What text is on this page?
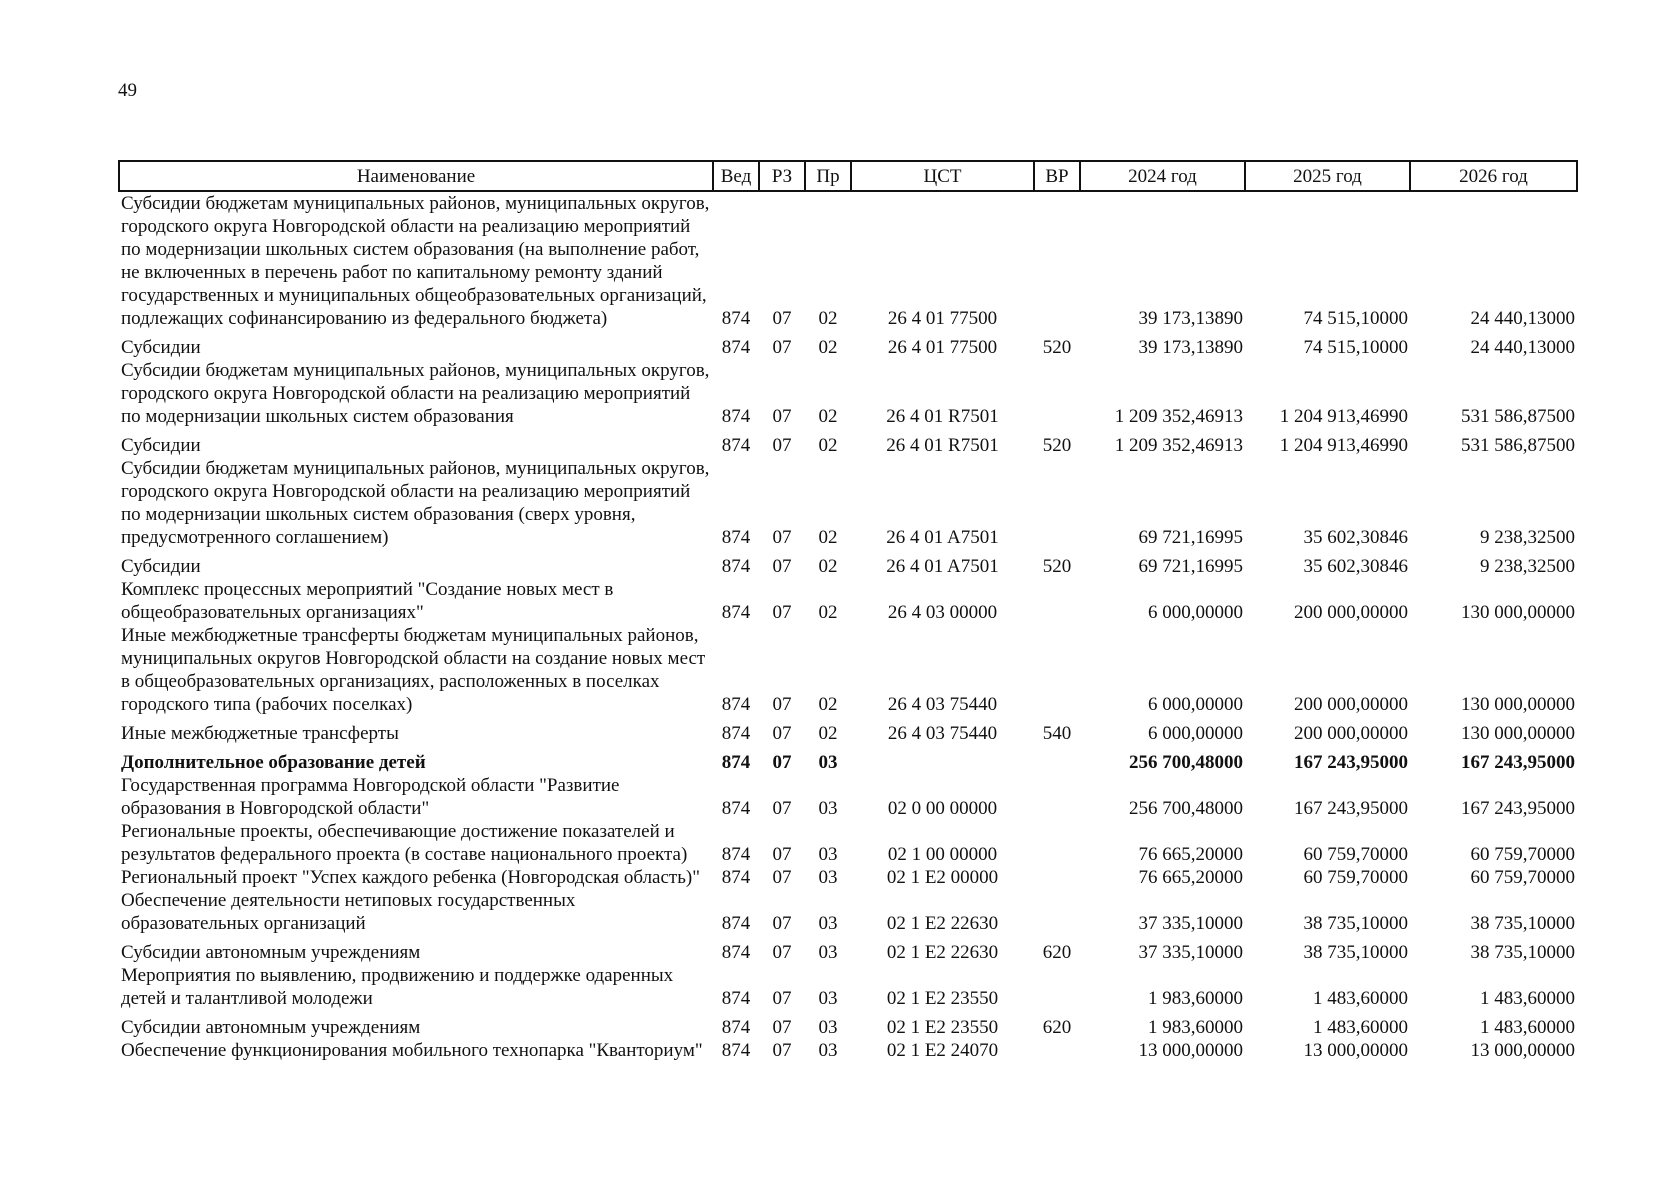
49
Наименование	Вед	РЗ	Пр	ЦСТ	ВР	2024 год	2025 год	2026 год
Субсидии бюджетам муниципальных районов, муниципальных округов, городского округа Новгородской области на реализацию мероприятий по модернизации школьных систем образования (на выполнение работ, не включенных в перечень работ по капитальному ремонту зданий государственных и муниципальных общеобразовательных организаций, подлежащих софинансированию из федерального бюджета)	874	07	02	26 4 01 77500		39 173,13890	74 515,10000	24 440,13000
Субсидии	874	07	02	26 4 01 77500	520	39 173,13890	74 515,10000	24 440,13000
Субсидии бюджетам муниципальных районов, муниципальных округов, городского округа Новгородской области на реализацию мероприятий по модернизации школьных систем образования	874	07	02	26 4 01 R7501		1 209 352,46913	1 204 913,46990	531 586,87500
Субсидии	874	07	02	26 4 01 R7501	520	1 209 352,46913	1 204 913,46990	531 586,87500
Субсидии бюджетам муниципальных районов, муниципальных округов, городского округа Новгородской области на реализацию мероприятий по модернизации школьных систем образования (сверх уровня, предусмотренного соглашением)	874	07	02	26 4 01 A7501		69 721,16995	35 602,30846	9 238,32500
Субсидии	874	07	02	26 4 01 A7501	520	69 721,16995	35 602,30846	9 238,32500
Комплекс процессных мероприятий "Создание новых мест в общеобразовательных организациях"	874	07	02	26 4 03 00000		6 000,00000	200 000,00000	130 000,00000
Иные межбюджетные трансферты бюджетам муниципальных районов, муниципальных округов Новгородской области на создание новых мест в общеобразовательных организациях, расположенных в поселках городского типа (рабочих поселках)	874	07	02	26 4 03 75440		6 000,00000	200 000,00000	130 000,00000
Иные межбюджетные трансферты	874	07	02	26 4 03 75440	540	6 000,00000	200 000,00000	130 000,00000
Дополнительное образование детей	874	07	03			256 700,48000	167 243,95000	167 243,95000
Государственная программа Новгородской области "Развитие образования в Новгородской области"	874	07	03	02 0 00 00000		256 700,48000	167 243,95000	167 243,95000
Региональные проекты, обеспечивающие достижение показателей и результатов федерального проекта (в составе национального проекта)	874	07	03	02 1 00 00000		76 665,20000	60 759,70000	60 759,70000
Региональный проект "Успех каждого ребенка (Новгородская область)"	874	07	03	02 1 E2 00000		76 665,20000	60 759,70000	60 759,70000
Обеспечение деятельности нетиповых государственных образовательных организаций	874	07	03	02 1 E2 22630		37 335,10000	38 735,10000	38 735,10000
Субсидии автономным учреждениям	874	07	03	02 1 E2 22630	620	37 335,10000	38 735,10000	38 735,10000
Мероприятия по выявлению, продвижению и поддержке одаренных детей и талантливой молодежи	874	07	03	02 1 E2 23550		1 983,60000	1 483,60000	1 483,60000
Субсидии автономным учреждениям	874	07	03	02 1 E2 23550	620	1 983,60000	1 483,60000	1 483,60000
Обеспечение функционирования мобильного технопарка "Кванториум"	874	07	03	02 1 E2 24070		13 000,00000	13 000,00000	13 000,00000
